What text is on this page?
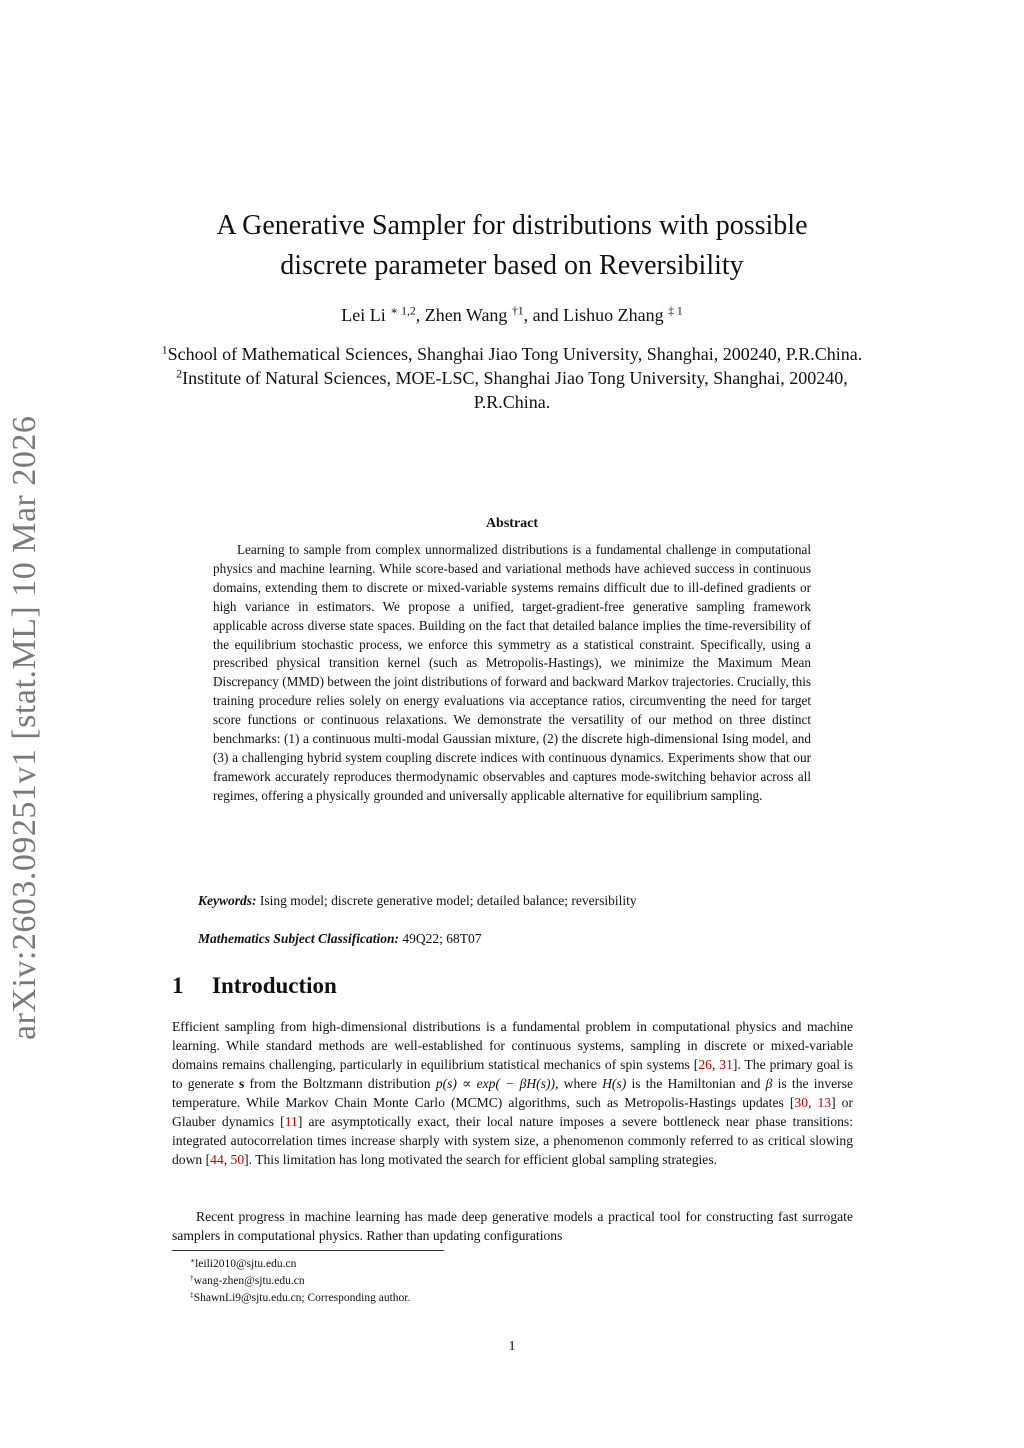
arXiv:2603.09251v1 [stat.ML] 10 Mar 2026
A Generative Sampler for distributions with possible
discrete parameter based on Reversibility
Lei Li $^{∗ 1,2}$, Zhen Wang $^{\dagger 1}$, and Lishuo Zhang $^{\ddagger 1}$

$^1$School of Mathematical Sciences, Shanghai Jiao Tong University, Shanghai, 200240, P.R.China.

$^2$Institute of Natural Sciences, MOE-LSC, Shanghai Jiao Tong University, Shanghai, 200240, P.R.China.

Abstract

Learning to sample from complex unnormalized distributions is a fundamental challenge in computational physics and machine learning. While score-based and variational methods have achieved success in continuous domains, extending them to discrete or mixed-variable systems remains difficult due to ill-defined gradients or high variance in estimators. We propose a unified, target-gradient-free generative sampling framework applicable across diverse state spaces. Building on the fact that detailed balance implies the time-reversibility of the equilibrium stochastic process, we enforce this symmetry as a statistical constraint. Specifically, using a prescribed physical transition kernel (such as Metropolis-Hastings), we minimize the Maximum Mean Discrepancy (MMD) between the joint distributions of forward and backward Markov trajectories. Crucially, this training procedure relies solely on energy evaluations via acceptance ratios, circumventing the need for target score functions or continuous relaxations. We demonstrate the versatility of our method on three distinct benchmarks: (1) a continuous multi-modal Gaussian mixture, (2) the discrete high-dimensional Ising model, and (3) a challenging hybrid system coupling discrete indices with continuous dynamics. Experiments show that our framework accurately reproduces thermodynamic observables and captures mode-switching behavior across all regimes, offering a physically grounded and universally applicable alternative for equilibrium sampling.

Keywords: Ising model; discrete generative model; detailed balance; reversibility
Mathematics Subject Classification: 49Q22; 68T07
1 Introduction

Efficient sampling from high-dimensional distributions is a fundamental problem in computational physics and machine learning. While standard methods are well-established for continuous systems, sampling in discrete or mixed-variable domains remains challenging, particularly in equilibrium statistical mechanics of spin systems [26, 31]. The primary goal is to generate s from the Boltzmann distribution p(s) ∝ exp( − βH(s)), where H(s) is the Hamiltonian and β is the inverse temperature. While Markov Chain Monte Carlo (MCMC) algorithms, such as Metropolis-Hastings updates [30, 13] or Glauber dynamics [11] are asymptotically exact, their local nature imposes a severe bottleneck near phase transitions: integrated autocorrelation times increase sharply with system size, a phenomenon commonly referred to as critical slowing down [44, 50]. This limitation has long motivated the search for efficient global sampling strategies.

Recent progress in machine learning has made deep generative models a practical tool for constructing fast surrogate samplers in computational physics. Rather than updating configurations

∗leili2010@sjtu.edu.cn

†wang-zhen@sjtu.edu.cn

‡ShawnLi9@sjtu.edu.cn; Corresponding author.

1
